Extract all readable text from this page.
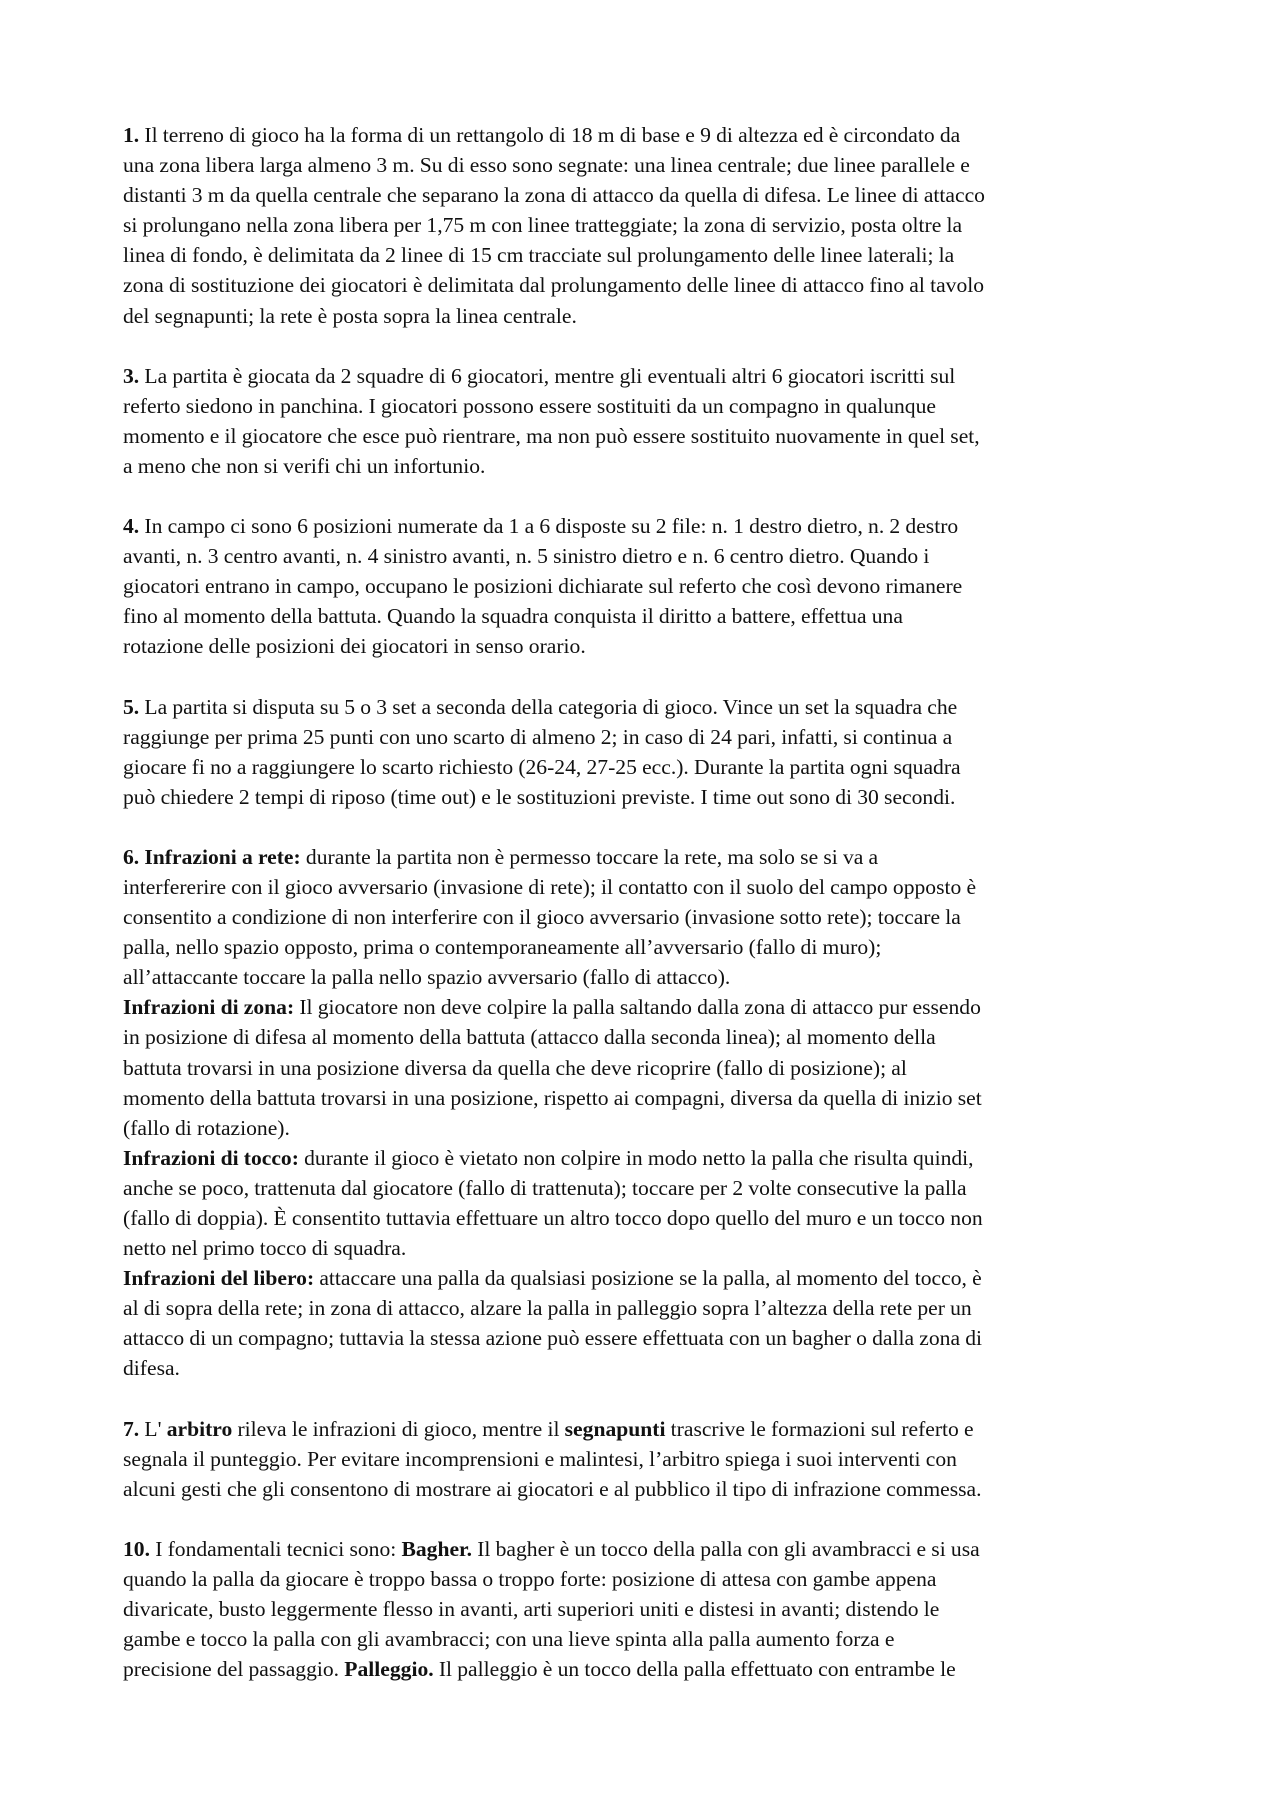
1. Il terreno di gioco ha la forma di un rettangolo di 18 m di base e 9 di altezza ed è circondato da
una zona libera larga almeno 3 m. Su di esso sono segnate: una linea centrale; due linee parallele e
distanti 3 m da quella centrale che separano la zona di attacco da quella di difesa. Le linee di attacco
si prolungano nella zona libera per 1,75 m con linee tratteggiate; la zona di servizio, posta oltre la
linea di fondo, è delimitata da 2 linee di 15 cm tracciate sul prolungamento delle linee laterali; la
zona di sostituzione dei giocatori è delimitata dal prolungamento delle linee di attacco fino al tavolo
del segnapunti; la rete è posta sopra la linea centrale.
3. La partita è giocata da 2 squadre di 6 giocatori, mentre gli eventuali altri 6 giocatori iscritti sul
referto siedono in panchina. I giocatori possono essere sostituiti da un compagno in qualunque
momento e il giocatore che esce può rientrare, ma non può essere sostituito nuovamente in quel set,
a meno che non si verifi chi un infortunio.
4. In campo ci sono 6 posizioni numerate da 1 a 6 disposte su 2 file: n. 1 destro dietro, n. 2 destro
avanti, n. 3 centro avanti, n. 4 sinistro avanti, n. 5 sinistro dietro e n. 6 centro dietro. Quando i
giocatori entrano in campo, occupano le posizioni dichiarate sul referto che così devono rimanere
fino al momento della battuta. Quando la squadra conquista il diritto a battere, effettua una
rotazione delle posizioni dei giocatori in senso orario.
5. La partita si disputa su 5 o 3 set a seconda della categoria di gioco. Vince un set la squadra che
raggiunge per prima 25 punti con uno scarto di almeno 2; in caso di 24 pari, infatti, si continua a
giocare fi no a raggiungere lo scarto richiesto (26-24, 27-25 ecc.). Durante la partita ogni squadra
può chiedere 2 tempi di riposo (time out) e le sostituzioni previste. I time out sono di 30 secondi.
6. Infrazioni a rete: durante la partita non è permesso toccare la rete, ma solo se si va a
interfererire con il gioco avversario (invasione di rete); il contatto con il suolo del campo opposto è
consentito a condizione di non interferire con il gioco avversario (invasione sotto rete); toccare la
palla, nello spazio opposto, prima o contemporaneamente all’avversario (fallo di muro);
all’attaccante toccare la palla nello spazio avversario (fallo di attacco).
Infrazioni di zona: Il giocatore non deve colpire la palla saltando dalla zona di attacco pur essendo
in posizione di difesa al momento della battuta (attacco dalla seconda linea); al momento della
battuta trovarsi in una posizione diversa da quella che deve ricoprire (fallo di posizione); al
momento della battuta trovarsi in una posizione, rispetto ai compagni, diversa da quella di inizio set
(fallo di rotazione).
Infrazioni di tocco: durante il gioco è vietato non colpire in modo netto la palla che risulta quindi,
anche se poco, trattenuta dal giocatore (fallo di trattenuta); toccare per 2 volte consecutive la palla
(fallo di doppia). È consentito tuttavia effettuare un altro tocco dopo quello del muro e un tocco non
netto nel primo tocco di squadra.
Infrazioni del libero: attaccare una palla da qualsiasi posizione se la palla, al momento del tocco, è
al di sopra della rete; in zona di attacco, alzare la palla in palleggio sopra l’altezza della rete per un
attacco di un compagno; tuttavia la stessa azione può essere effettuata con un bagher o dalla zona di
difesa.
7. L' arbitro rileva le infrazioni di gioco, mentre il segnapunti trascrive le formazioni sul referto e
segnala il punteggio. Per evitare incomprensioni e malintesi, l’arbitro spiega i suoi interventi con
alcuni gesti che gli consentono di mostrare ai giocatori e al pubblico il tipo di infrazione commessa.
10. I fondamentali tecnici sono: Bagher. Il bagher è un tocco della palla con gli avambracci e si usa
quando la palla da giocare è troppo bassa o troppo forte: posizione di attesa con gambe appena
divaricate, busto leggermente flesso in avanti, arti superiori uniti e distesi in avanti; distendo le
gambe e tocco la palla con gli avambracci; con una lieve spinta alla palla aumento forza e
precisione del passaggio. Palleggio. Il palleggio è un tocco della palla effettuato con entrambe le
